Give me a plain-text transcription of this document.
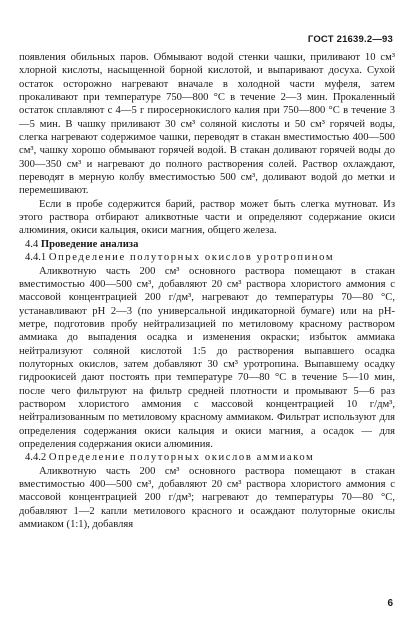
ГОСТ 21639.2—93

появления обильных паров. Обмывают водой стенки чашки, приливают 10 см³ хлорной кислоты, насыщенной борной кислотой, и выпаривают досуха. Сухой остаток осторожно нагревают вначале в холодной части муфеля, затем прокаливают при температуре 750—800 °C в течение 2—3 мин. Прокаленный остаток сплавляют с 4—5 г пиросернокислого калия при 750—800 °C в течение 3—5 мин. В чашку приливают 30 см³ соляной кислоты и 50 см³ горячей воды, слегка нагревают содержимое чашки, переводят в стакан вместимостью 400—500 см³, чашку хорошо обмывают горячей водой. В стакан доливают горячей воды до 300—350 см³ и нагревают до полного растворения солей. Раствор охлаждают, переводят в мерную колбу вместимостью 500 см³, доливают водой до метки и перемешивают.

Если в пробе содержится барий, раствор может быть слегка мутноват. Из этого раствора отбирают аликвотные части и определяют содержание окиси алюминия, окиси кальция, окиси магния, общего железа.

4.4 Проведение анализа

4.4.1 Определение полуторных окислов уротропином

Аликвотную часть 200 см³ основного раствора помещают в стакан вместимостью 400—500 см³, добавляют 20 см³ раствора хлористого аммония с массовой концентрацией 200 г/дм³, нагревают до температуры 70—80 °C, устанавливают pH 2—3 (по универсальной индикаторной бумаге) или на pH-метре, подготовив пробу нейтрализацией по метиловому красному раствором аммиака до выпадения осадка и изменения окраски; избыток аммиака нейтрализуют соляной кислотой 1:5 до растворения выпавшего осадка полуторных окислов, затем добавляют 30 см³ уротропина. Выпавшему осадку гидроокисей дают постоять при температуре 70—80 °C в течение 5—10 мин, после чего фильтруют на фильтр средней плотности и промывают 5—6 раз раствором хлористого аммония с массовой концентрацией 10 г/дм³, нейтрализованным по метиловому красному аммиаком. Фильтрат используют для определения содержания окиси кальция и окиси магния, а осадок — для определения содержания окиси алюминия.

4.4.2 Определение полуторных окислов аммиаком

Аликвотную часть 200 см³ основного раствора помещают в стакан вместимостью 400—500 см³, добавляют 20 см³ раствора хлористого аммония с массовой концентрацией 200 г/дм³; нагревают до температуры 70—80 °C, добавляют 1—2 капли метилового красного и осаждают полуторные окислы аммиаком (1:1), добавляя

6
